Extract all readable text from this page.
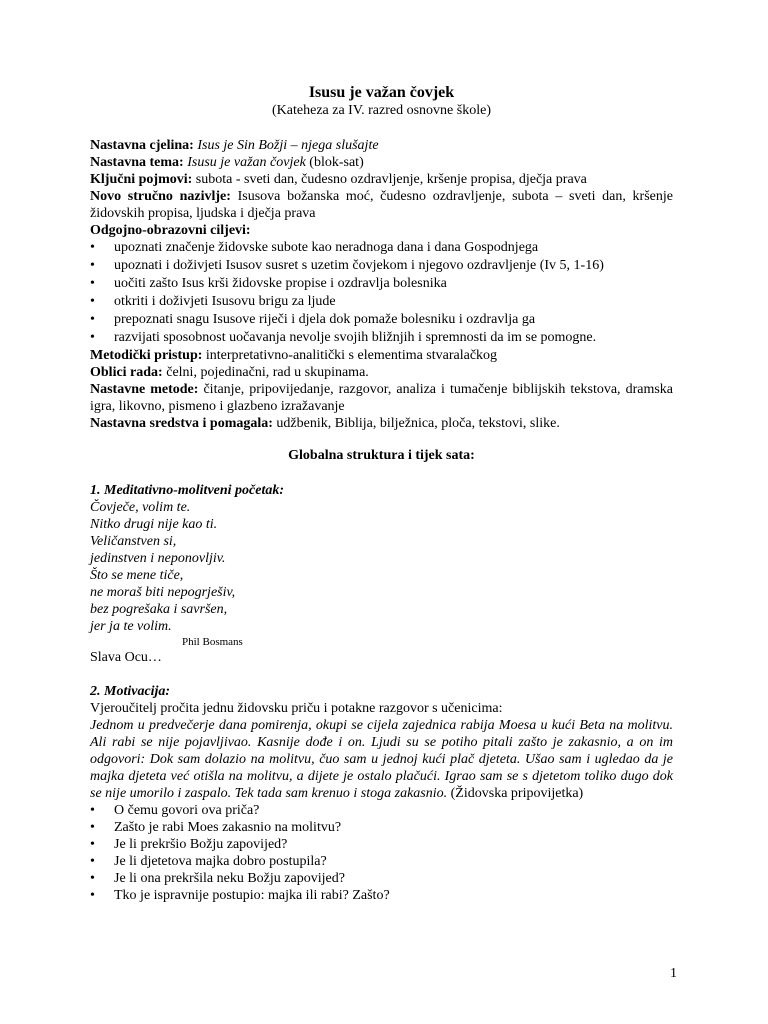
Isusu je važan čovjek
(Kateheza za IV. razred osnovne škole)

Nastavna cjelina: Isus je Sin Božji – njega slušajte

Nastavna tema: Isusu je važan čovjek (blok-sat)

Ključni pojmovi: subota - sveti dan, čudesno ozdravljenje, kršenje propisa, dječja prava

Novo stručno nazivlje: Isusova božanska moć, čudesno ozdravljenje, subota – sveti dan, kršenje židovskih propisa, ljudska i dječja prava

Odgojno-obrazovni ciljevi:

• upoznati značenje židovske subote kao neradnoga dana i dana Gospodnjega
• upoznati i doživjeti Isusov susret s uzetim čovjekom i njegovo ozdravljenje (Iv 5, 1-16)
• uočiti zašto Isus krši židovske propise i ozdravlja bolesnika
• otkriti i doživjeti Isusovu brigu za ljude
• prepoznati snagu Isusove riječi i djela dok pomaže bolesniku i ozdravlja ga
• razvijati sposobnost uočavanja nevolje svojih bližnjih i spremnosti da im se pomogne.

Metodički pristup: interpretativno-analitički s elementima stvaralačkog

Oblici rada: čelni, pojedinačni, rad u skupinama.

Nastavne metode: čitanje, pripovijedanje, razgovor, analiza i tumačenje biblijskih tekstova, dramska igra, likovno, pismeno i glazbeno izražavanje

Nastavna sredstva i pomagala: udžbenik, Biblija, bilježnica, ploča, tekstovi, slike.

Globalna struktura i tijek sata:

1. Meditativno-molitveni početak:

Čovječe, volim te.

Nitko drugi nije kao ti.

Veličanstven si,

jedinstven i neponovljiv.

Što se mene tiče,

ne moraš biti nepogrješiv,

bez pogrešaka i savršen,

jer ja te volim.

Phil Bosmans

Slava Ocu…

2. Motivacija:

Vjeroučitelj pročita jednu židovsku priču i potakne razgovor s učenicima:

Jednom u predvečerje dana pomirenja, okupi se cijela zajednica rabija Moesa u kući Beta na molitvu. Ali rabi se nije pojavljivao. Kasnije dođe i on. Ljudi su se potiho pitali zašto je zakasnio, a on im odgovori: Dok sam dolazio na molitvu, čuo sam u jednoj kući plač djeteta. Ušao sam i ugledao da je majka djeteta već otišla na molitvu, a dijete je ostalo plačući. Igrao sam se s djetetom toliko dugo dok se nije umorilo i zaspalo. Tek tada sam krenuo i stoga zakasnio. (Židovska pripovijetka)

• O čemu govori ova priča?
• Zašto je rabi Moes zakasnio na molitvu?
• Je li prekršio Božju zapovijed?
• Je li djetetova majka dobro postupila?
• Je li ona prekršila neku Božju zapovijed?
• Tko je ispravnije postupio: majka ili rabi? Zašto?
1
